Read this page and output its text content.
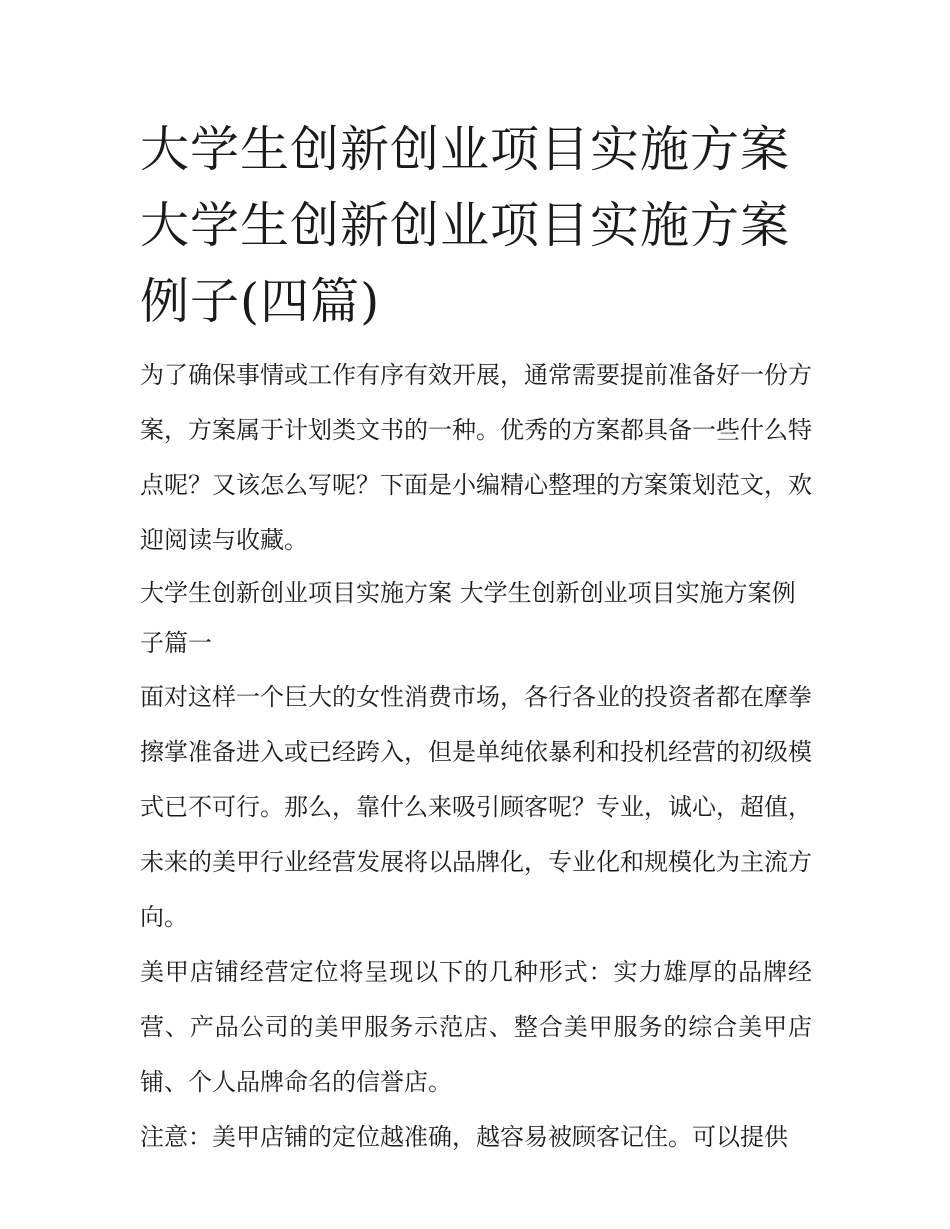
大学生创新创业项目实施方案 大学生创新创业项目实施方案例子(四篇)

为了确保事情或工作有序有效开展，通常需要提前准备好一份方案，方案属于计划类文书的一种。优秀的方案都具备一些什么特点呢？又该怎么写呢？下面是小编精心整理的方案策划范文，欢迎阅读与收藏。

大学生创新创业项目实施方案 大学生创新创业项目实施方案例子篇一

面对这样一个巨大的女性消费市场，各行各业的投资者都在摩拳擦掌准备进入或已经跨入，但是单纯依暴利和投机经营的初级模式已不可行。那么，靠什么来吸引顾客呢？专业，诚心，超值，未来的美甲行业经营发展将以品牌化，专业化和规模化为主流方向。

美甲店铺经营定位将呈现以下的几种形式：实力雄厚的品牌经营、产品公司的美甲服务示范店、整合美甲服务的综合美甲店铺、个人品牌命名的信誉店。

注意：美甲店铺的定位越准确，越容易被顾客记住。可以提供
